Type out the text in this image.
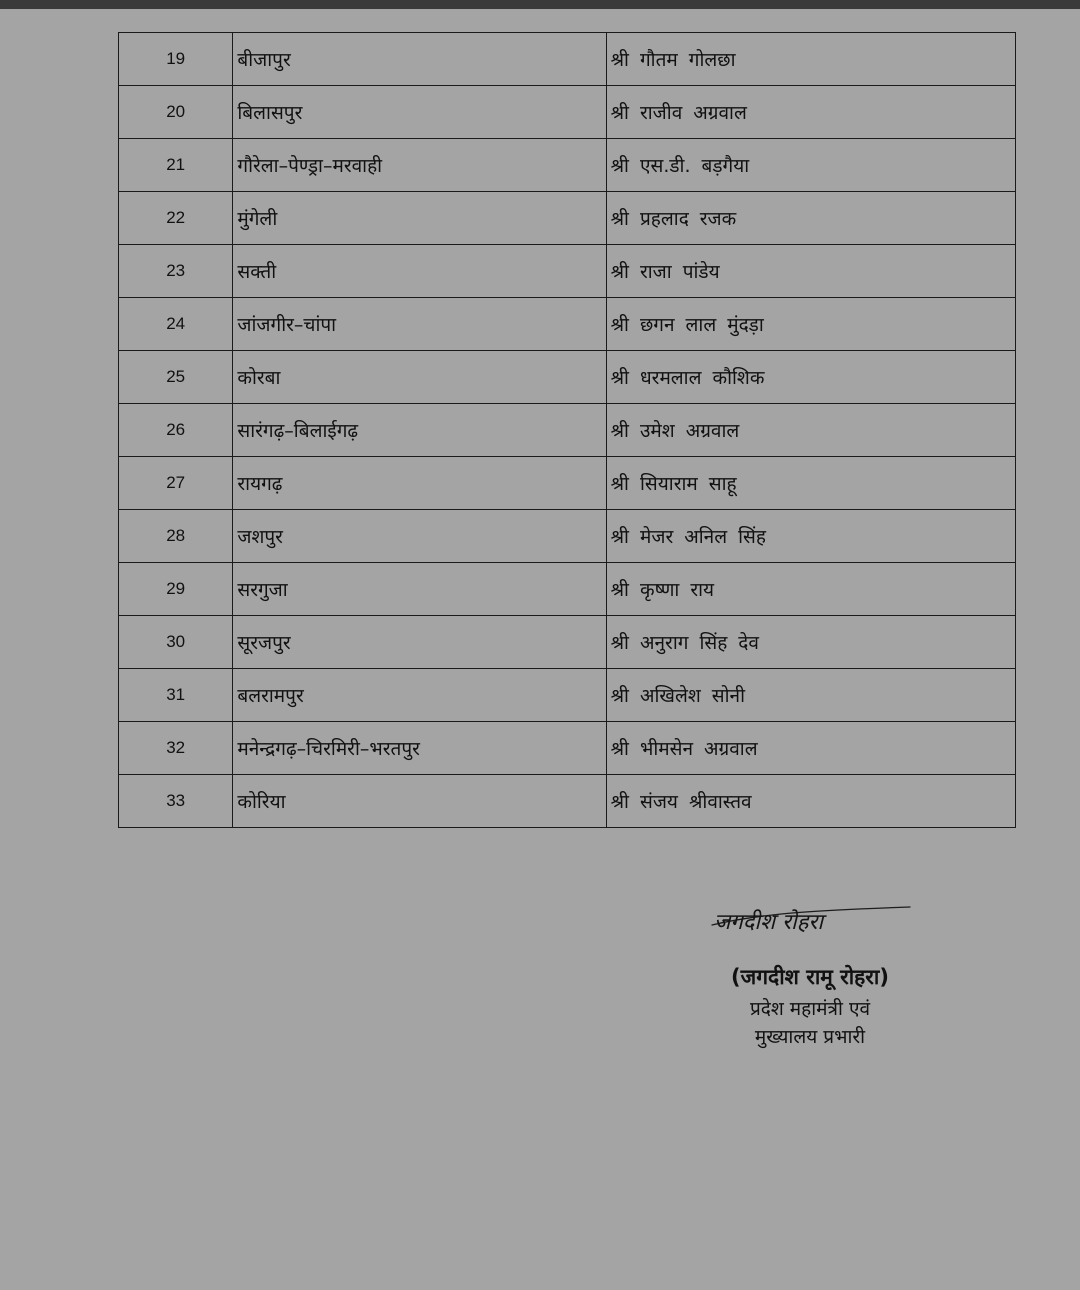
19	बीजापुर	श्री गौतम गोलछा
20	बिलासपुर	श्री राजीव अग्रवाल
21	गौरेला–पेण्ड्रा–मरवाही	श्री एस.डी. बड़गैया
22	मुंगेली	श्री प्रहलाद रजक
23	सक्ती	श्री राजा पांडेय
24	जांजगीर–चांपा	श्री छगन लाल मुंदड़ा
25	कोरबा	श्री धरमलाल कौशिक
26	सारंगढ़–बिलाईगढ़	श्री उमेश अग्रवाल
27	रायगढ़	श्री सियाराम साहू
28	जशपुर	श्री मेजर अनिल सिंह
29	सरगुजा	श्री कृष्णा राय
30	सूरजपुर	श्री अनुराग सिंह देव
31	बलरामपुर	श्री अखिलेश सोनी
32	मनेन्द्रगढ़–चिरमिरी–भरतपुर	श्री भीमसेन अग्रवाल
33	कोरिया	श्री संजय श्रीवास्तव
जगदीश रोहरा
(जगदीश रामू रोहरा)
प्रदेश महामंत्री एवं
मुख्यालय प्रभारी
